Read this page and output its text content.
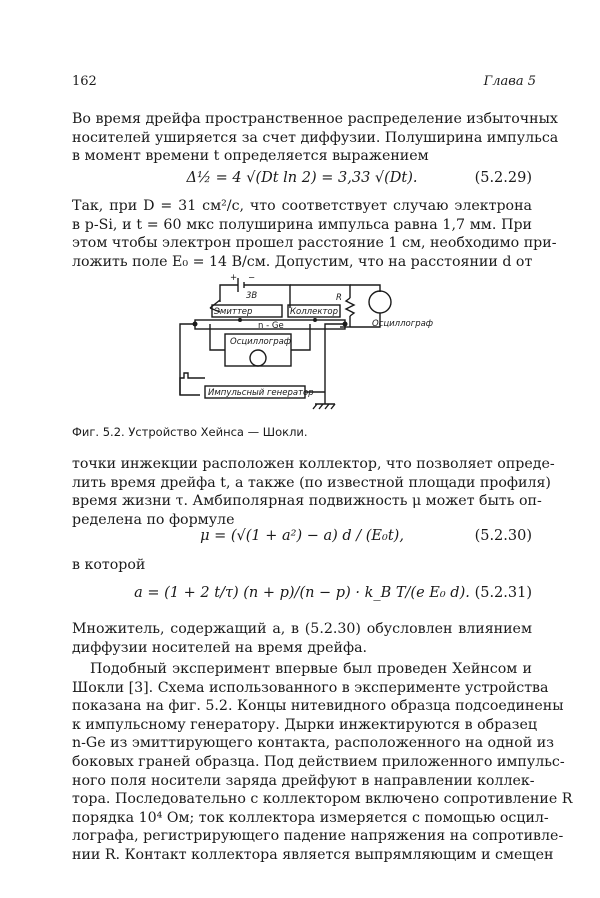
162	Глава 5
Во время дрейфа пространственное распределение избыточных
носителей уширяется за счет диффузии. Полуширина импульса
в момент времени t определяется выражением
Δ½ = 4 √(Dt ln 2) = 3,33 √(Dt).	(5.2.29)
Так, при D = 31 см²/с, что соответствует случаю электрона
в p-Si, и t = 60 мкс полуширина импульса равна 1,7 мм. При
этом чтобы электрон прошел расстояние 1 см, необходимо при-
ложить поле E₀ = 14 В/см. Допустим, что на расстоянии d от
+ −
3B
Эмиттер	Коллектор
n - Ge
R
Осциллограф
Осциллограф
Импульсный генератор
Фиг. 5.2. Устройство Хейнса — Шокли.
точки инжекции расположен коллектор, что позволяет опреде-
лить время дрейфа t, а также (по известной площади профиля)
время жизни τ. Амбиполярная подвижность μ может быть оп-
ределена по формуле
μ = (√(1 + a²) − a) d / (E₀t),	(5.2.30)
в которой
a = (1 + 2 t/τ) (n + p)/(n − p) · k_B T/(e E₀ d). (5.2.31)
Множитель, содержащий a, в (5.2.30) обусловлен влиянием
диффузии носителей на время дрейфа.
Подобный эксперимент впервые был проведен Хейнсом и
Шокли [3]. Схема использованного в эксперименте устройства
показана на фиг. 5.2. Концы нитевидного образца подсоединены
к импульсному генератору. Дырки инжектируются в образец
n-Ge из эмиттирующего контакта, расположенного на одной из
боковых граней образца. Под действием приложенного импульс-
ного поля носители заряда дрейфуют в направлении коллек-
тора. Последовательно с коллектором включено сопротивление R
порядка 10⁴ Ом; ток коллектора измеряется с помощью осцил-
лографа, регистрирующего падение напряжения на сопротивле-
нии R. Контакт коллектора является выпрямляющим и смещен
